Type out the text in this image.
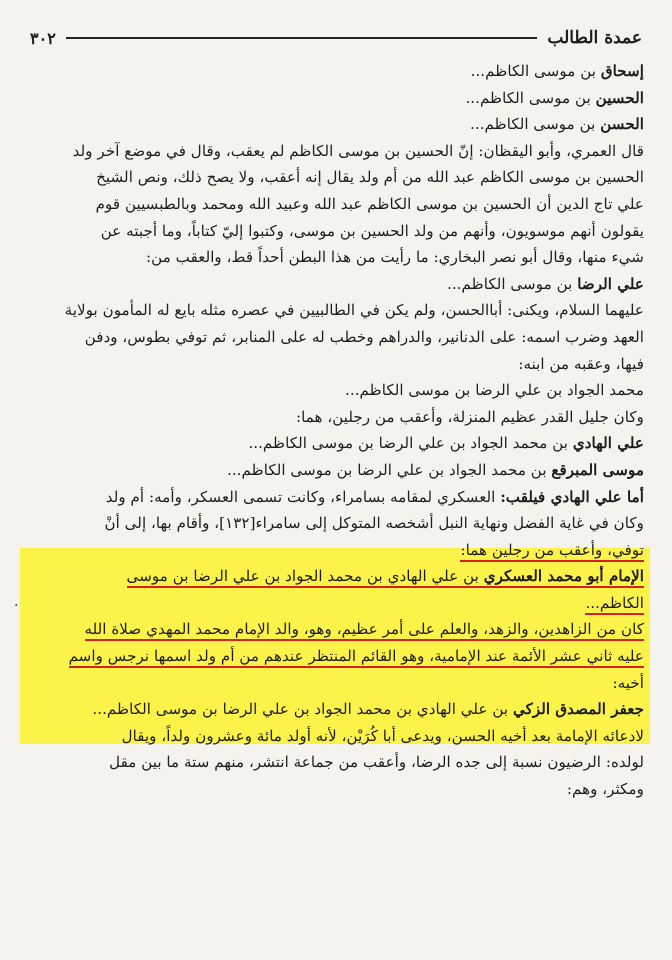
عمدة الطالب
٣٠٢
إسحاق بن موسى الكاظم...
الحسين بن موسى الكاظم...
الحسن بن موسى الكاظم...
قال العمري، وأبو اليقظان: إنّ الحسين بن موسى الكاظم لم يعقب، وقال في موضع آخر ولد
الحسين بن موسى الكاظم عبد الله من أم ولد يقال إنه أعقب، ولا يصح ذلك، ونص الشيخ
علي تاج الدين أن الحسين بن موسى الكاظم عبد الله وعبيد الله ومحمد وبالطبسيين قوم
يقولون أنهم موسويون، وأنهم من ولد الحسين بن موسى، وكتبوا إليّ كتاباً، وما أجبته عن
شيء منها، وقال أبو نصر البخاري: ما رأيت من هذا البطن أحداً قط، والعقب من:
علي الرضا بن موسى الكاظم...
عليهما السلام، ويكنى: أباالحسن، ولم يكن في الطالبيين في عصره مثله بايع له المأمون بولاية
العهد وضرب اسمه: على الدنانير، والدراهم وخطب له على المنابر، ثم توفي بطوس، ودفن
فيها، وعقبه من ابنه:
محمد الجواد بن علي الرضا بن موسى الكاظم...
وكان جليل القدر عظيم المنزلة، وأعقب من رجلين، هما:
علي الهادي بن محمد الجواد بن علي الرضا بن موسى الكاظم...
موسى المبرقع بن محمد الجواد بن علي الرضا بن موسى الكاظم...
أما علي الهادي فيلقب: العسكري لمقامه بسامراء، وكانت تسمى العسكر، وأمه: أم ولد
وكان في غاية الفضل ونهاية النبل أشخصه المتوكل إلى سامراء[١٣٢]، وأقام بها، إلى أنْ
توفي، وأعقب من رجلين هما:
الإمام أبو محمد العسكري بن علي الهادي بن محمد الجواد بن علي الرضا بن موسى
الكاظم...
كان من الزاهدين، والزهد، والعلم على أمر عظيم، وهو، والد الإمام محمد المهدي صلاة الله
عليه ثاني عشر الأئمة عند الإمامية، وهو القائم المنتظر عندهم من أم ولد اسمها نرجس واسم
أخيه:
جعفر المصدق الزكي بن علي الهادي بن محمد الجواد بن علي الرضا بن موسى الكاظم...
لادعائه الإمامة بعد أخيه الحسن، ويدعى أبا كُرَيْن، لأنه أولد مائة وعشرون ولداً، ويقال
لولده: الرضيون نسبة إلى جده الرضا، وأعقب من جماعة انتشر، منهم ستة ما بين مقل
ومكثر، وهم:
·
